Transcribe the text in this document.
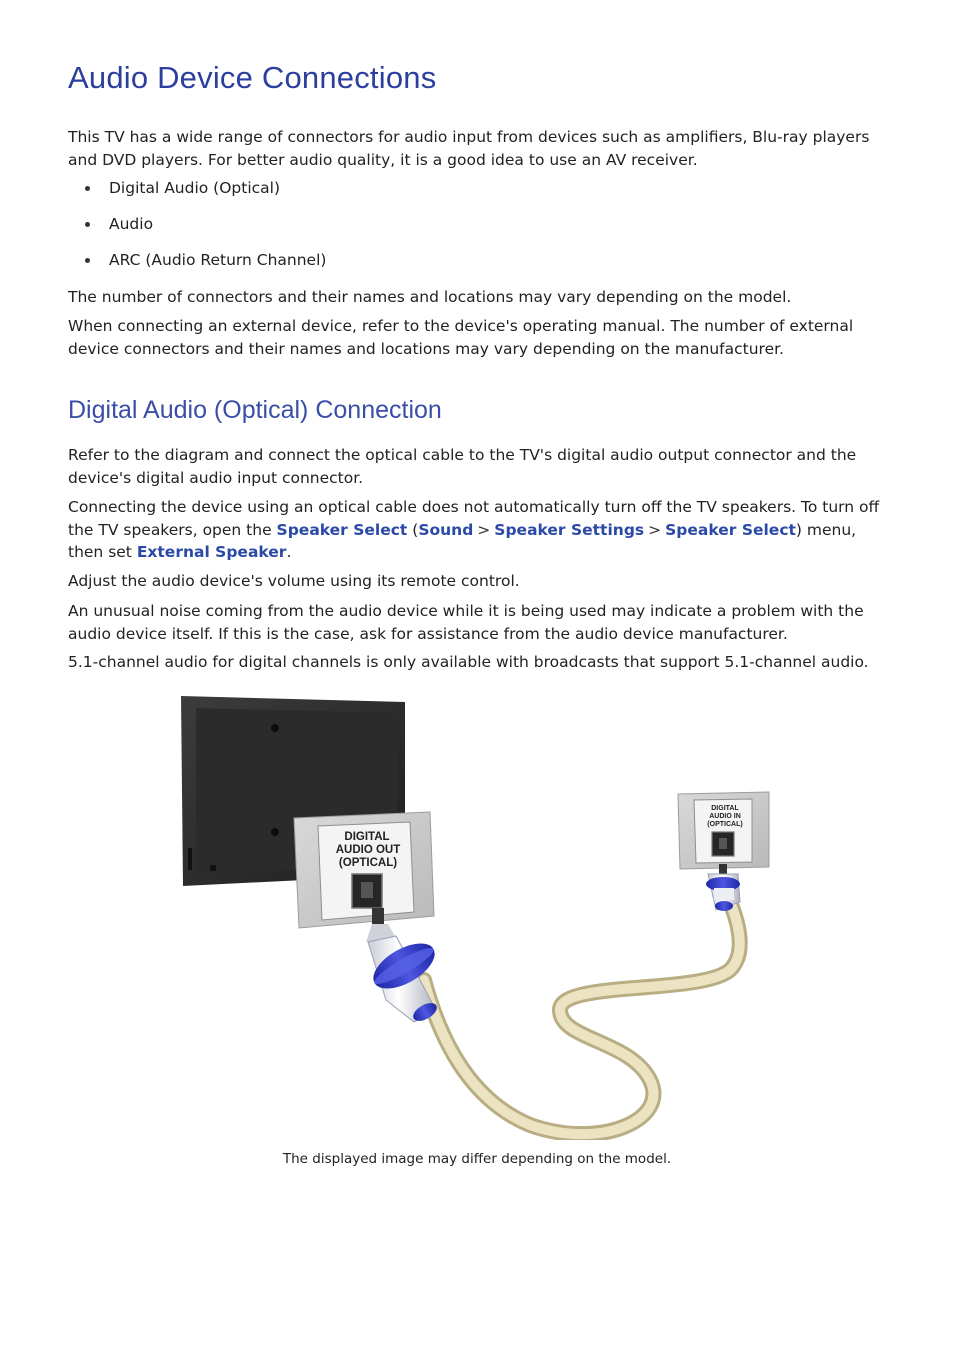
Audio Device Connections

This TV has a wide range of connectors for audio input from devices such as amplifiers, Blu-ray players and DVD players. For better audio quality, it is a good idea to use an AV receiver.

Digital Audio (Optical)
Audio
ARC (Audio Return Channel)

The number of connectors and their names and locations may vary depending on the model.

When connecting an external device, refer to the device's operating manual. The number of external device connectors and their names and locations may vary depending on the manufacturer.

Digital Audio (Optical) Connection

Refer to the diagram and connect the optical cable to the TV's digital audio output connector and the device's digital audio input connector.

Connecting the device using an optical cable does not automatically turn off the TV speakers. To turn off the TV speakers, open the Speaker Select (Sound > Speaker Settings > Speaker Select) menu, then set External Speaker.

Adjust the audio device's volume using its remote control.

An unusual noise coming from the audio device while it is being used may indicate a problem with the audio device itself. If this is the case, ask for assistance from the audio device manufacturer.

5.1-channel audio for digital channels is only available with broadcasts that support 5.1-channel audio.

DIGITAL
AUDIO OUT
(OPTICAL)
DIGITAL
AUDIO IN
(OPTICAL)
The displayed image may differ depending on the model.
